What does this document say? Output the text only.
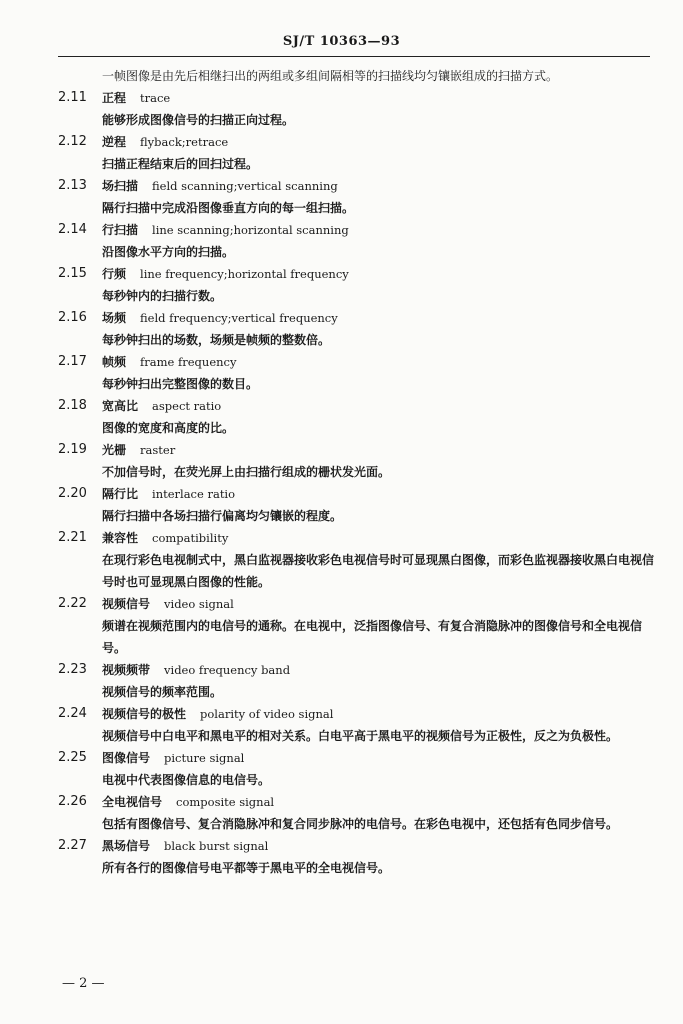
SJ/T 10363—93
一帧图像是由先后相继扫出的两组或多组间隔相等的扫描线均匀镶嵌组成的扫描方式。
2.11	正程 trace
能够形成图像信号的扫描正向过程。
2.12	逆程 flyback;retrace
扫描正程结束后的回扫过程。
2.13	场扫描 field scanning;vertical scanning
隔行扫描中完成沿图像垂直方向的每一组扫描。
2.14	行扫描 line scanning;horizontal scanning
沿图像水平方向的扫描。
2.15	行频 line frequency;horizontal frequency
每秒钟内的扫描行数。
2.16	场频 field frequency;vertical frequency
每秒钟扫出的场数，场频是帧频的整数倍。
2.17	帧频 frame frequency
每秒钟扫出完整图像的数目。
2.18	宽高比 aspect ratio
图像的宽度和高度的比。
2.19	光栅 raster
不加信号时，在荧光屏上由扫描行组成的栅状发光面。
2.20	隔行比 interlace ratio
隔行扫描中各场扫描行偏离均匀镶嵌的程度。
2.21	兼容性 compatibility
在现行彩色电视制式中，黑白监视器接收彩色电视信号时可显现黑白图像，而彩色监视器接收黑白电视信号时也可显现黑白图像的性能。
2.22	视频信号 video signal
频谱在视频范围内的电信号的通称。在电视中，泛指图像信号、有复合消隐脉冲的图像信号和全电视信号。
2.23	视频频带 video frequency band
视频信号的频率范围。
2.24	视频信号的极性 polarity of video signal
视频信号中白电平和黑电平的相对关系。白电平高于黑电平的视频信号为正极性，反之为负极性。
2.25	图像信号 picture signal
电视中代表图像信息的电信号。
2.26	全电视信号 composite signal
包括有图像信号、复合消隐脉冲和复合同步脉冲的电信号。在彩色电视中，还包括有色同步信号。
2.27	黑场信号 black burst signal
所有各行的图像信号电平都等于黑电平的全电视信号。
— 2 —
